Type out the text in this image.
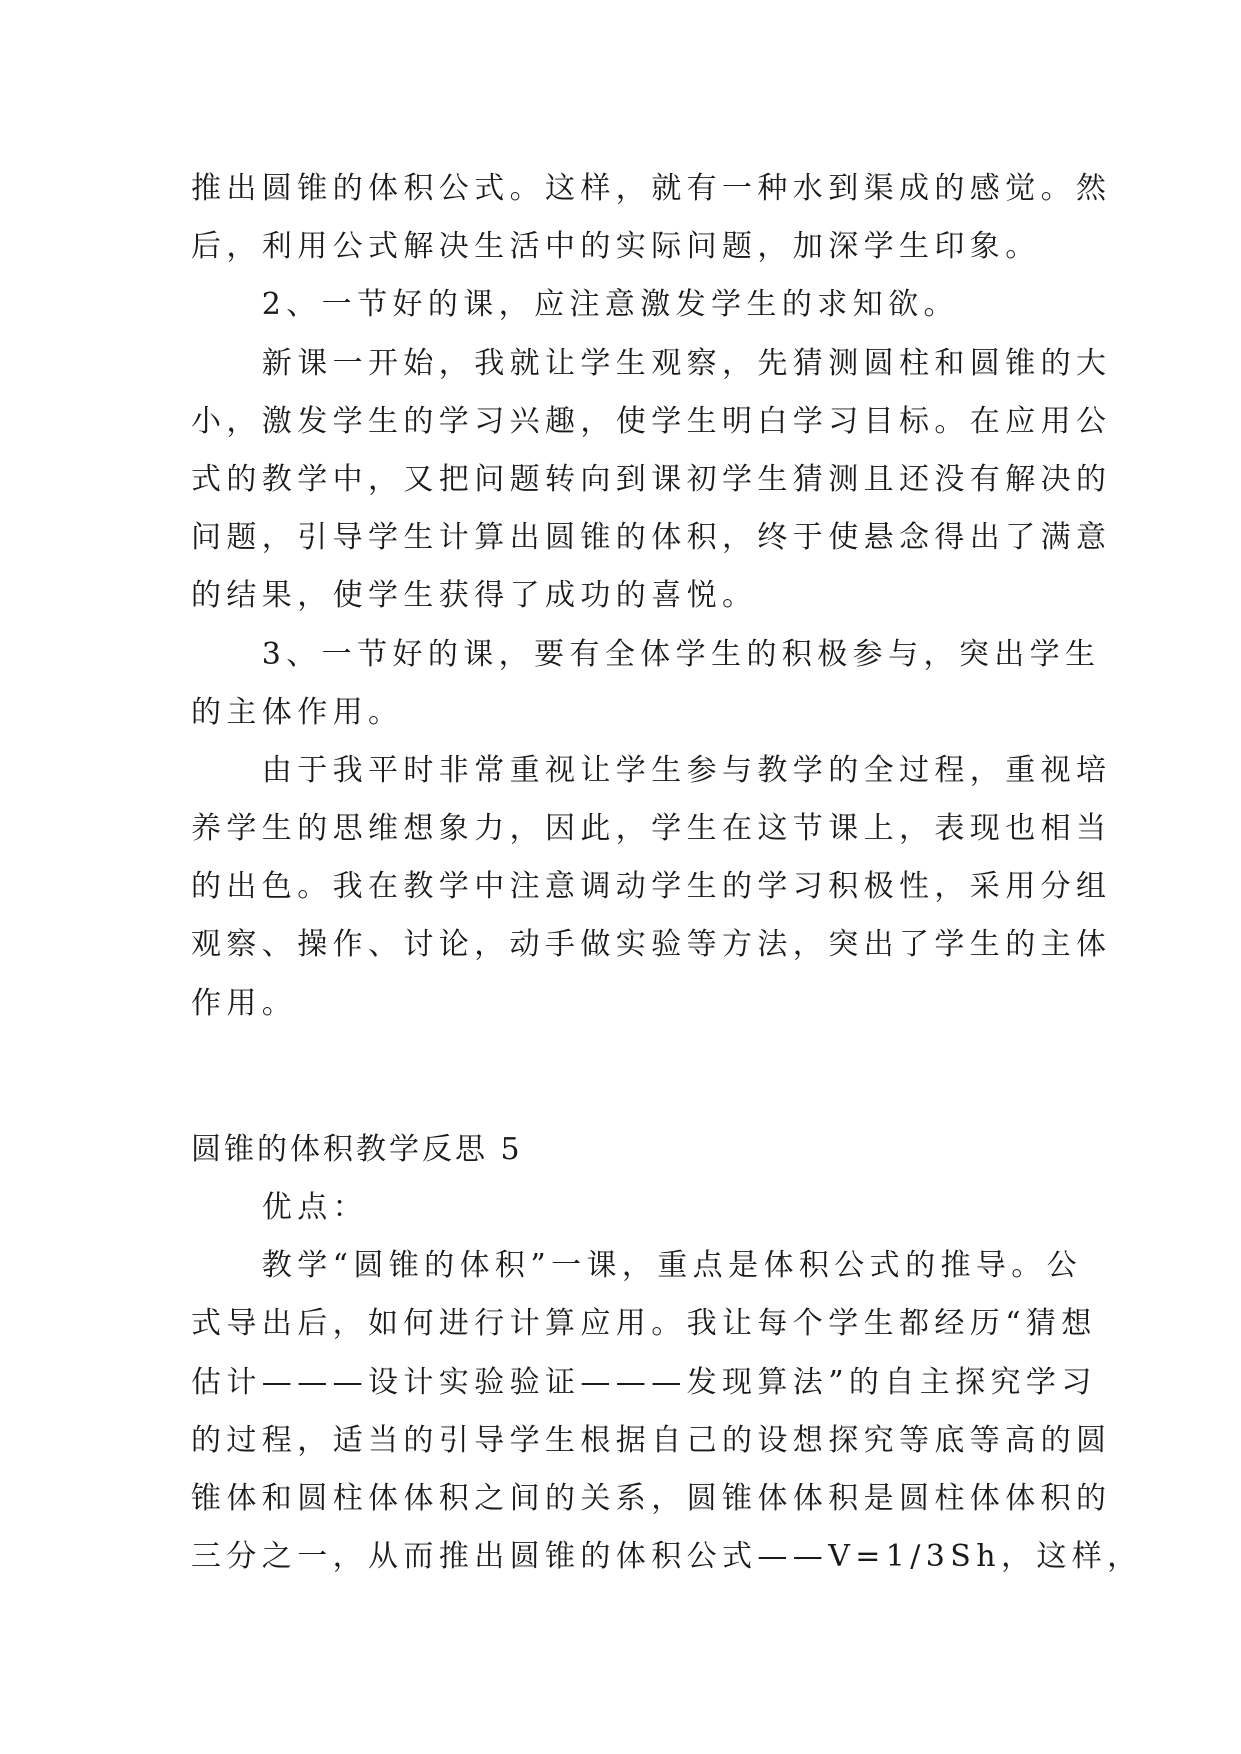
推出圆锥的体积公式。这样，就有一种水到渠成的感觉。然
后，利用公式解决生活中的实际问题，加深学生印象。
　　2、一节好的课，应注意激发学生的求知欲。
　　新课一开始，我就让学生观察，先猜测圆柱和圆锥的大
小，激发学生的学习兴趣，使学生明白学习目标。在应用公
式的教学中，又把问题转向到课初学生猜测且还没有解决的
问题，引导学生计算出圆锥的体积，终于使悬念得出了满意
的结果，使学生获得了成功的喜悦。
　　3、一节好的课，要有全体学生的积极参与，突出学生
的主体作用。
　　由于我平时非常重视让学生参与教学的全过程，重视培
养学生的思维想象力，因此，学生在这节课上，表现也相当
的出色。我在教学中注意调动学生的学习积极性，采用分组
观察、操作、讨论，动手做实验等方法，突出了学生的主体
作用。
圆锥的体积教学反思 5
　　优点：
　　教学“圆锥的体积”一课，重点是体积公式的推导。公
式导出后，如何进行计算应用。我让每个学生都经历“猜想
估计———设计实验验证———发现算法”的自主探究学习
的过程，适当的引导学生根据自己的设想探究等底等高的圆
锥体和圆柱体体积之间的关系，圆锥体体积是圆柱体体积的
三分之一，从而推出圆锥的体积公式——V=1/3Sh，这样，
